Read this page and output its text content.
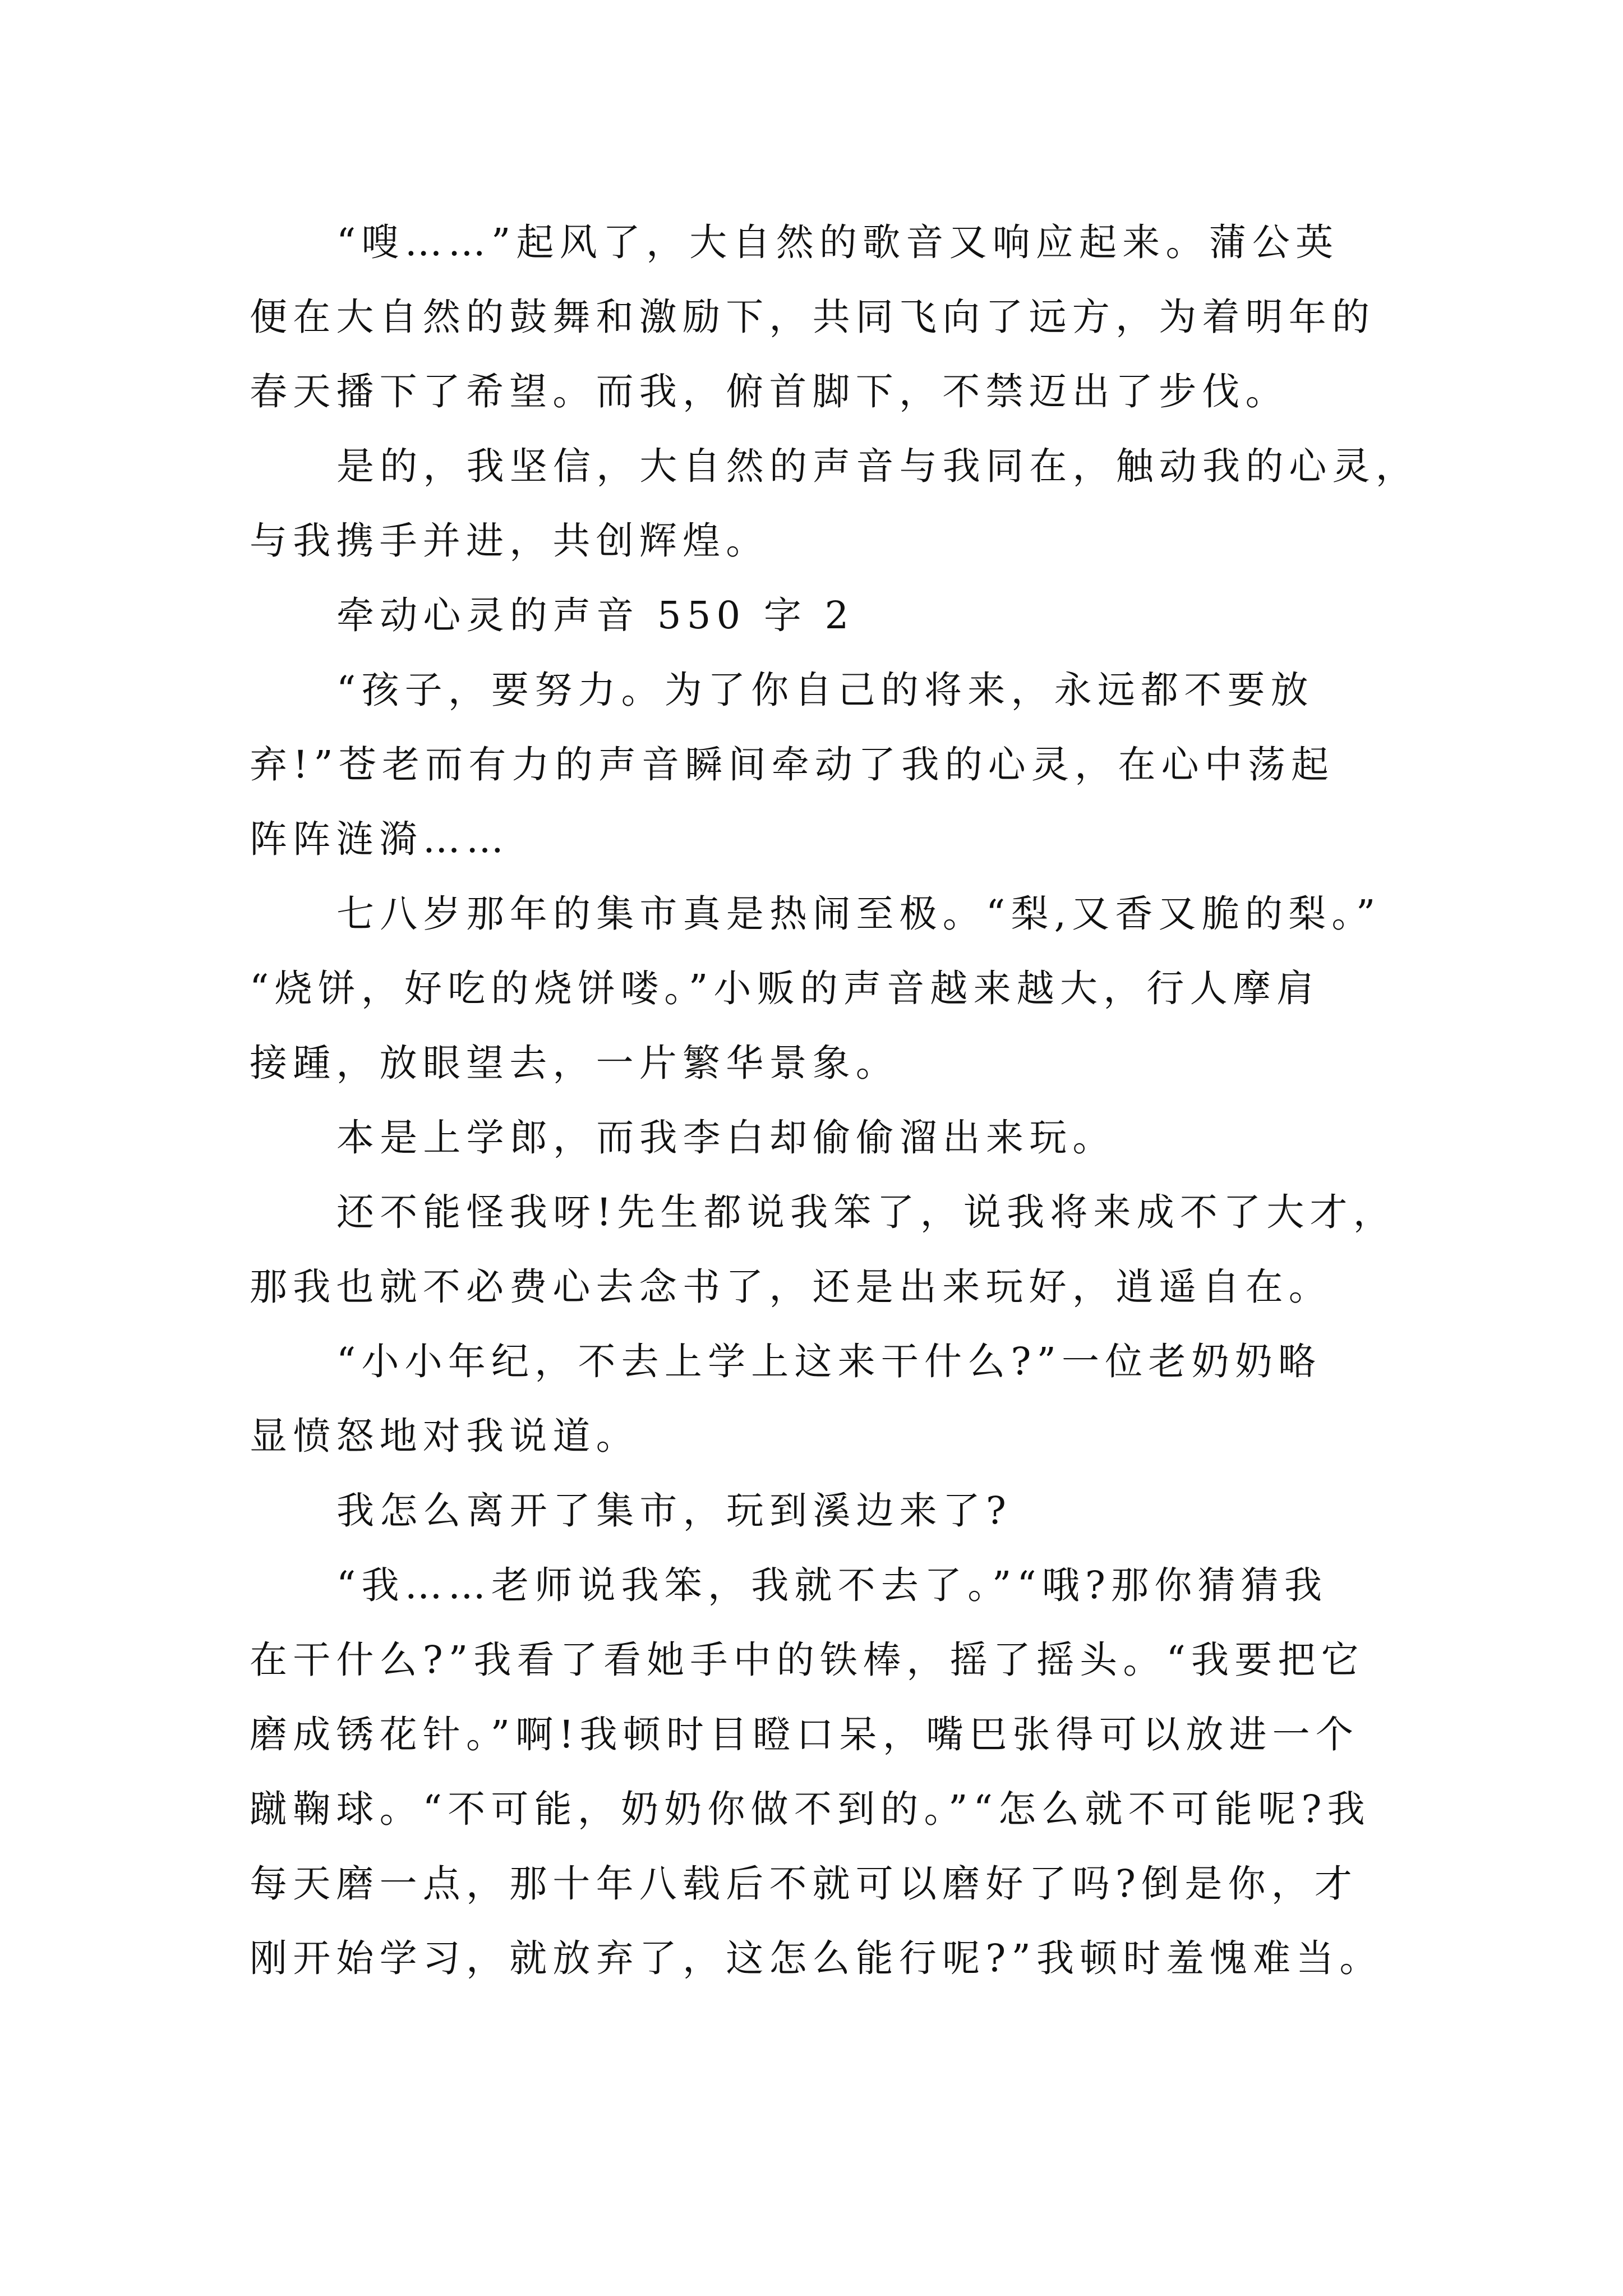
“嗖……”起风了，大自然的歌音又响应起来。蒲公英
便在大自然的鼓舞和激励下，共同飞向了远方，为着明年的
春天播下了希望。而我，俯首脚下，不禁迈出了步伐。
是的，我坚信，大自然的声音与我同在，触动我的心灵，
与我携手并进，共创辉煌。
牵动心灵的声音 550 字 2
“孩子，要努力。为了你自己的将来，永远都不要放
弃!”苍老而有力的声音瞬间牵动了我的心灵，在心中荡起
阵阵涟漪……
七八岁那年的集市真是热闹至极。“梨,又香又脆的梨。”
“烧饼，好吃的烧饼喽。”小贩的声音越来越大，行人摩肩
接踵，放眼望去，一片繁华景象。
本是上学郎，而我李白却偷偷溜出来玩。
还不能怪我呀!先生都说我笨了，说我将来成不了大才，
那我也就不必费心去念书了，还是出来玩好，逍遥自在。
“小小年纪，不去上学上这来干什么?”一位老奶奶略
显愤怒地对我说道。
我怎么离开了集市，玩到溪边来了?
“我……老师说我笨，我就不去了。”“哦?那你猜猜我
在干什么?”我看了看她手中的铁棒，摇了摇头。“我要把它
磨成锈花针。”啊!我顿时目瞪口呆，嘴巴张得可以放进一个
蹴鞠球。“不可能，奶奶你做不到的。”“怎么就不可能呢?我
每天磨一点，那十年八载后不就可以磨好了吗?倒是你，才
刚开始学习，就放弃了，这怎么能行呢?”我顿时羞愧难当。
